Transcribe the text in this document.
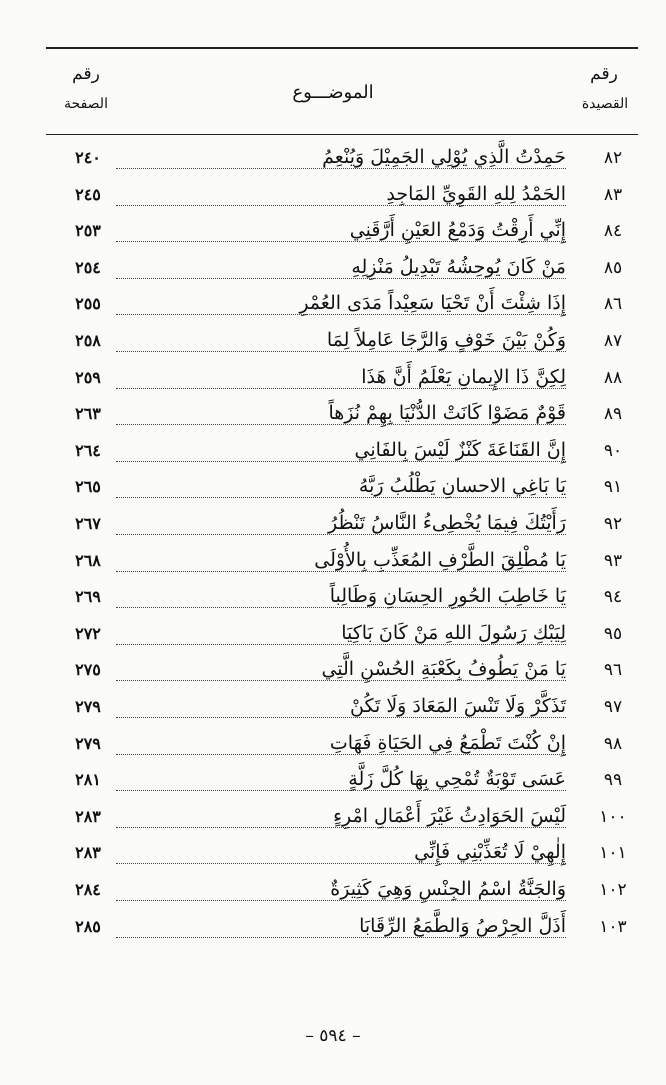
رقم
القصيدة
الموضـــوع
رقم
الصفحة
٨٢
حَمِدْتُ الَّذِي يُوْلِي الجَمِيْلَ وَيُنْعِمُ
٢٤٠
٨٣
الحَمْدُ لِلهِ القَوِيِّ المَاجِدِ
٢٤٥
٨٤
إِنِّي أَرِقْتُ وَدَمْعُ العَيْنِ أَرَّقَنِي
٢٥٣
٨٥
مَنْ كَانَ يُوحِشُهُ تَبْدِيلُ مَنْزِلِهِ
٢٥٤
٨٦
إِذَا شِئْتَ أَنْ تَحْيَا سَعِيْداً مَدَى العُمْرِ
٢٥٥
٨٧
وَكُنْ بَيْنَ خَوْفٍ وَالرَّجَا عَامِلاً لِمَا
٢٥٨
٨٨
لِكِنَّ ذَا الإِيمانِ يَعْلَمُ أَنَّ هَذَا
٢٥٩
٨٩
قَوْمٌ مَضَوْا كَانَتْ الدُّنْيَا بِهِمْ نُزَهاً
٢٦٣
٩٠
إِنَّ القَنَاعَةَ كَنْزٌ لَيْسَ بِالفَانِي
٢٦٤
٩١
يَا بَاغِي الاحسانِ يَطْلُبُ رَبَّهُ
٢٦٥
٩٢
رَأَيْتُكَ فِيمَا يُخْطِىءُ النَّاسُ تَنْظُرُ
٢٦٧
٩٣
يَا مُطْلِقَ الطَّرْفِ المُعَذِّبِ بِالأُوْلَى
٢٦٨
٩٤
يَا خَاطِبَ الحُورِ الحِسَانِ وَطَالِباً
٢٦٩
٩٥
لِيَبْكِ رَسُولَ اللهِ مَنْ كَانَ بَاكِيَا
٢٧٢
٩٦
يَا مَنْ يَطُوفُ بِكَعْبَةِ الحُسْنِ الَّتِي
٢٧٥
٩٧
تَذَكَّرْ وَلَا تَنْسَ المَعَادَ وَلَا تَكُنْ
٢٧٩
٩٨
إِنْ كُنْتَ تَطْمَعُ فِي الحَيَاةِ فَهَاتِ
٢٧٩
٩٩
عَسَى تَوْبَةٌ تُمْحِي بِهَا كُلَّ زَلَّةٍ
٢٨١
١٠٠
لَيْسَ الحَوَادِثُ غَيْرَ أَعْمَالِ امْرِءٍ
٢٨٣
١٠١
إِلٰهِيْ لَا تُعَذِّبْنِي فَإِنِّي
٢٨٣
١٠٢
وَالجَنَّةُ اسْمُ الجِنْسِ وَهِيَ كَثِيرَةٌ
٢٨٤
١٠٣
أَذَلَّ الحِرْصُ وَالطَّمَعُ الرِّقَابَا
٢٨٥
– ٥٩٤ –
